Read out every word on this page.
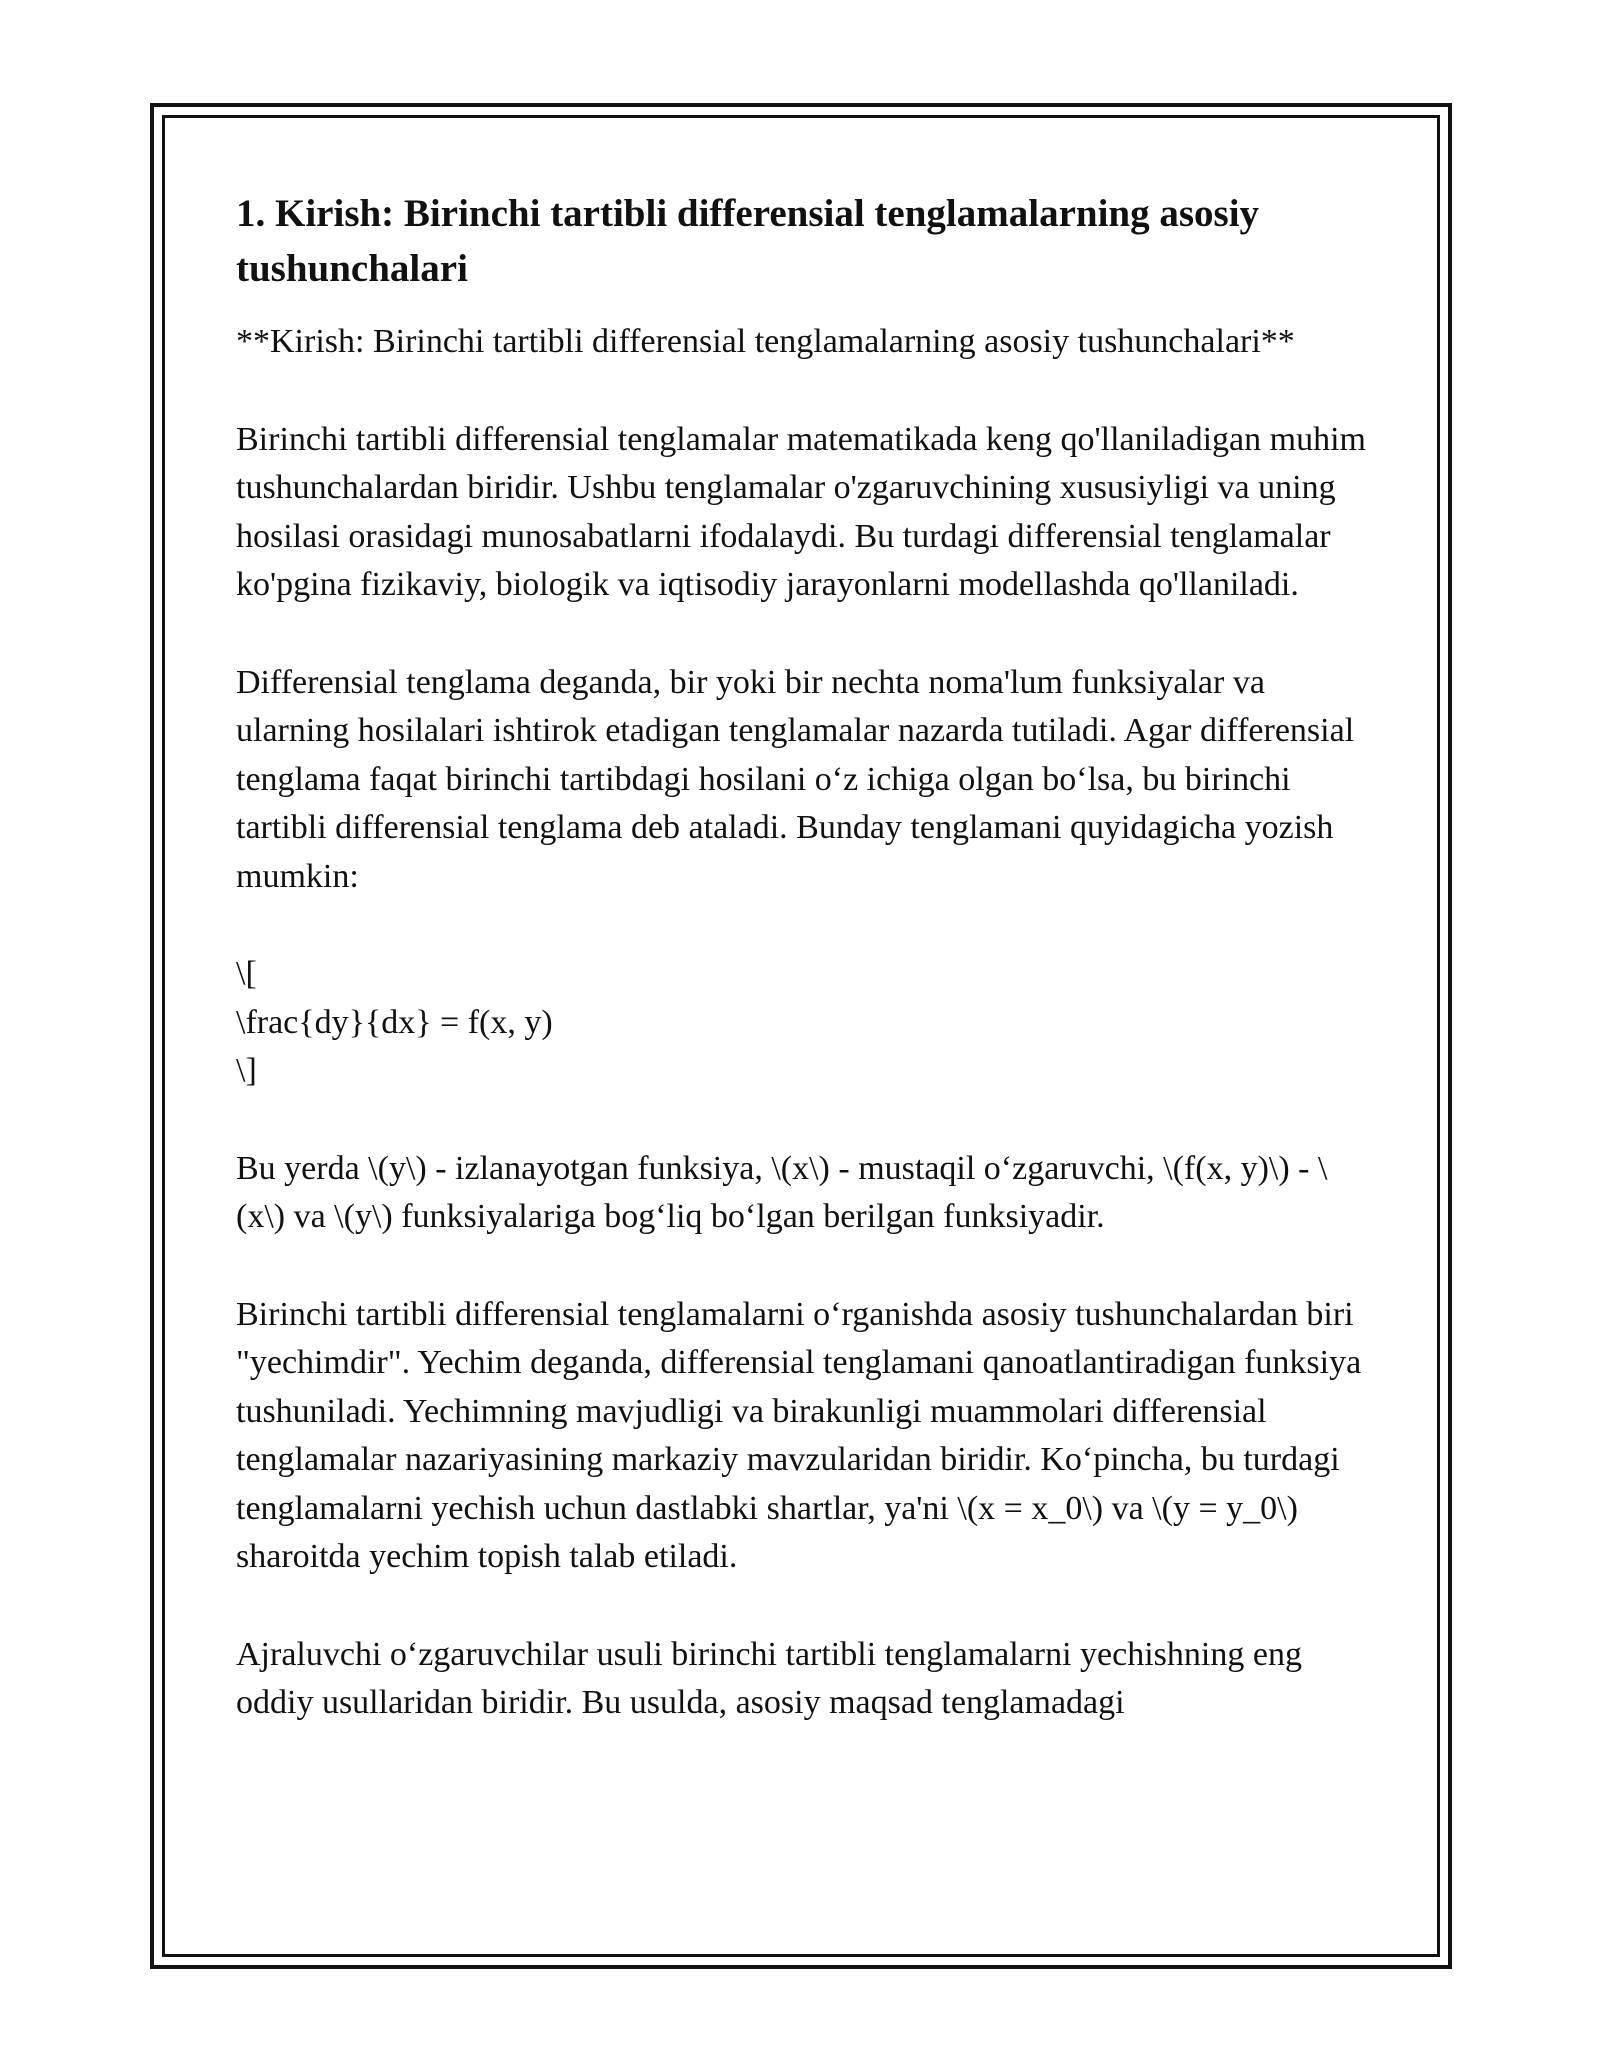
1. Kirish: Birinchi tartibli differensial tenglamalarning asosiy tushunchalari

**Kirish: Birinchi tartibli differensial tenglamalarning asosiy tushunchalari**

Birinchi tartibli differensial tenglamalar matematikada keng qo'llaniladigan muhim tushunchalardan biridir. Ushbu tenglamalar o'zgaruvchining xususiyligi va uning hosilasi orasidagi munosabatlarni ifodalaydi. Bu turdagi differensial tenglamalar ko'pgina fizikaviy, biologik va iqtisodiy jarayonlarni modellashda qo'llaniladi.

Differensial tenglama deganda, bir yoki bir nechta noma'lum funksiyalar va ularning hosilalari ishtirok etadigan tenglamalar nazarda tutiladi. Agar differensial tenglama faqat birinchi tartibdagi hosilani o‘z ichiga olgan bo‘lsa, bu birinchi tartibli differensial tenglama deb ataladi. Bunday tenglamani quyidagicha yozish mumkin:

\[
\frac{dy}{dx} = f(x, y)
\]

Bu yerda \(y\) - izlanayotgan funksiya, \(x\) - mustaqil o‘zgaruvchi, \(f(x, y)\) - \(x\) va \(y\) funksiyalariga bog‘liq bo‘lgan berilgan funksiyadir.

Birinchi tartibli differensial tenglamalarni o‘rganishda asosiy tushunchalardan biri "yechimdir". Yechim deganda, differensial tenglamani qanoatlantiradigan funksiya tushuniladi. Yechimning mavjudligi va birakunligi muammolari differensial tenglamalar nazariyasining markaziy mavzularidan biridir. Ko‘pincha, bu turdagi tenglamalarni yechish uchun dastlabki shartlar, ya'ni \(x = x_0\) va \(y = y_0\) sharoitda yechim topish talab etiladi.

Ajraluvchi o‘zgaruvchilar usuli birinchi tartibli tenglamalarni yechishning eng oddiy usullaridan biridir. Bu usulda, asosiy maqsad tenglamadagi
